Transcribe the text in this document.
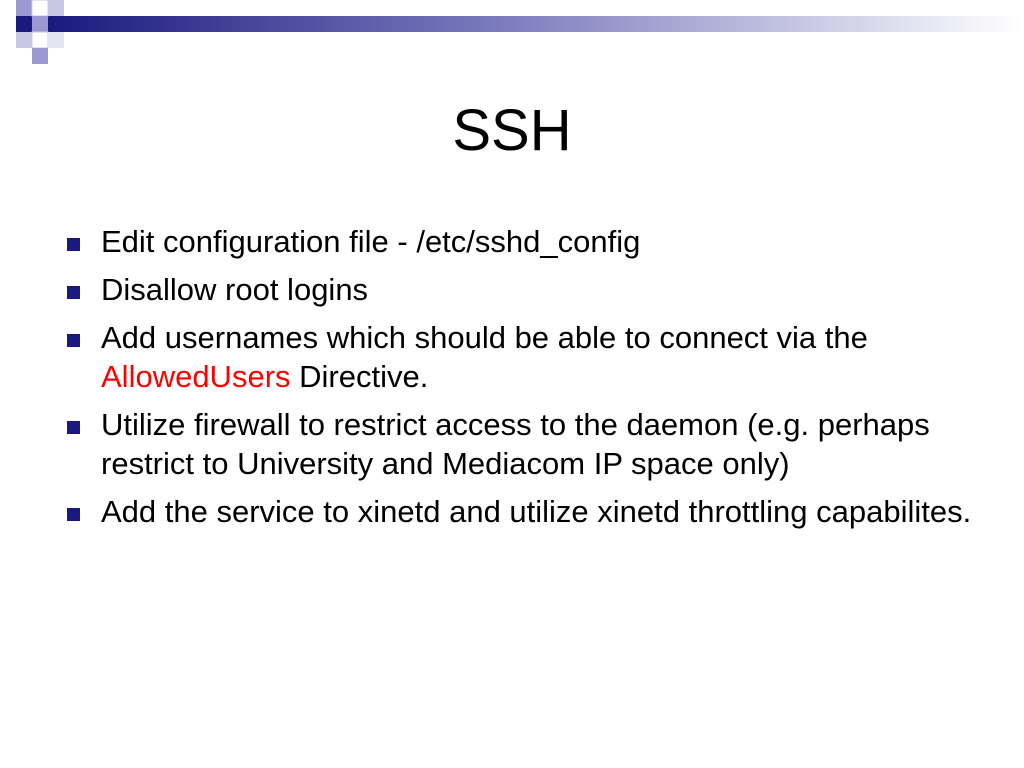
SSH
Edit configuration file - /etc/sshd_config
Disallow root logins
Add usernames which should be able to connect via the AllowedUsers Directive.
Utilize firewall to restrict access to the daemon (e.g. perhaps restrict to University and Mediacom IP space only)
Add the service to xinetd and utilize xinetd throttling capabilites.
